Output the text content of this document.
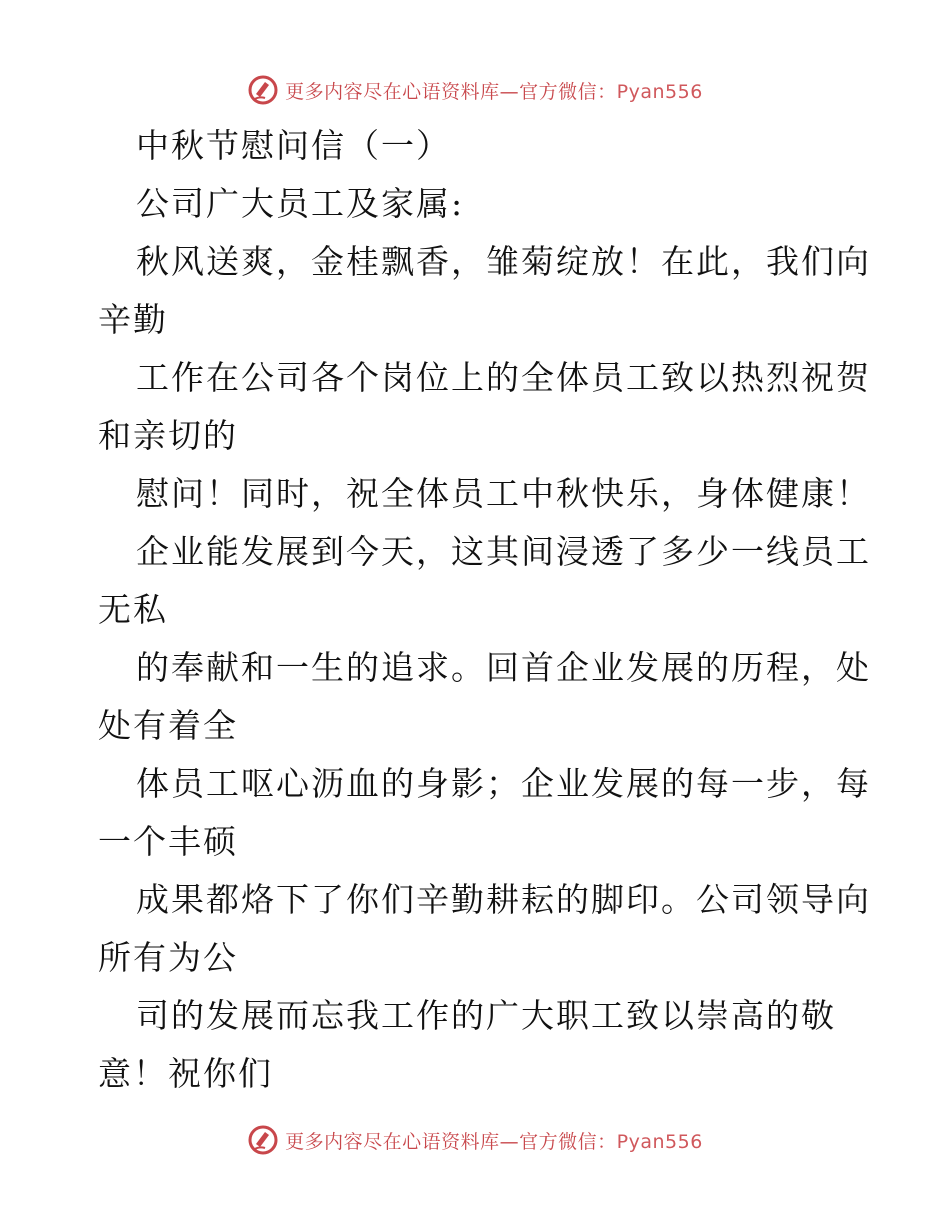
更多内容尽在心语资料库—官方微信：Pyan556
中秋节慰问信（一）
公司广大员工及家属:
秋风送爽，金桂飘香，雏菊绽放！在此，我们向
辛勤
工作在公司各个岗位上的全体员工致以热烈祝贺
和亲切的
慰问！同时，祝全体员工中秋快乐，身体健康！
企业能发展到今天，这其间浸透了多少一线员工
无私
的奉献和一生的追求。回首企业发展的历程，处
处有着全
体员工呕心沥血的身影；企业发展的每一步，每
一个丰硕
成果都烙下了你们辛勤耕耘的脚印。公司领导向
所有为公
司的发展而忘我工作的广大职工致以崇高的敬
意！祝你们
更多内容尽在心语资料库—官方微信：Pyan556
